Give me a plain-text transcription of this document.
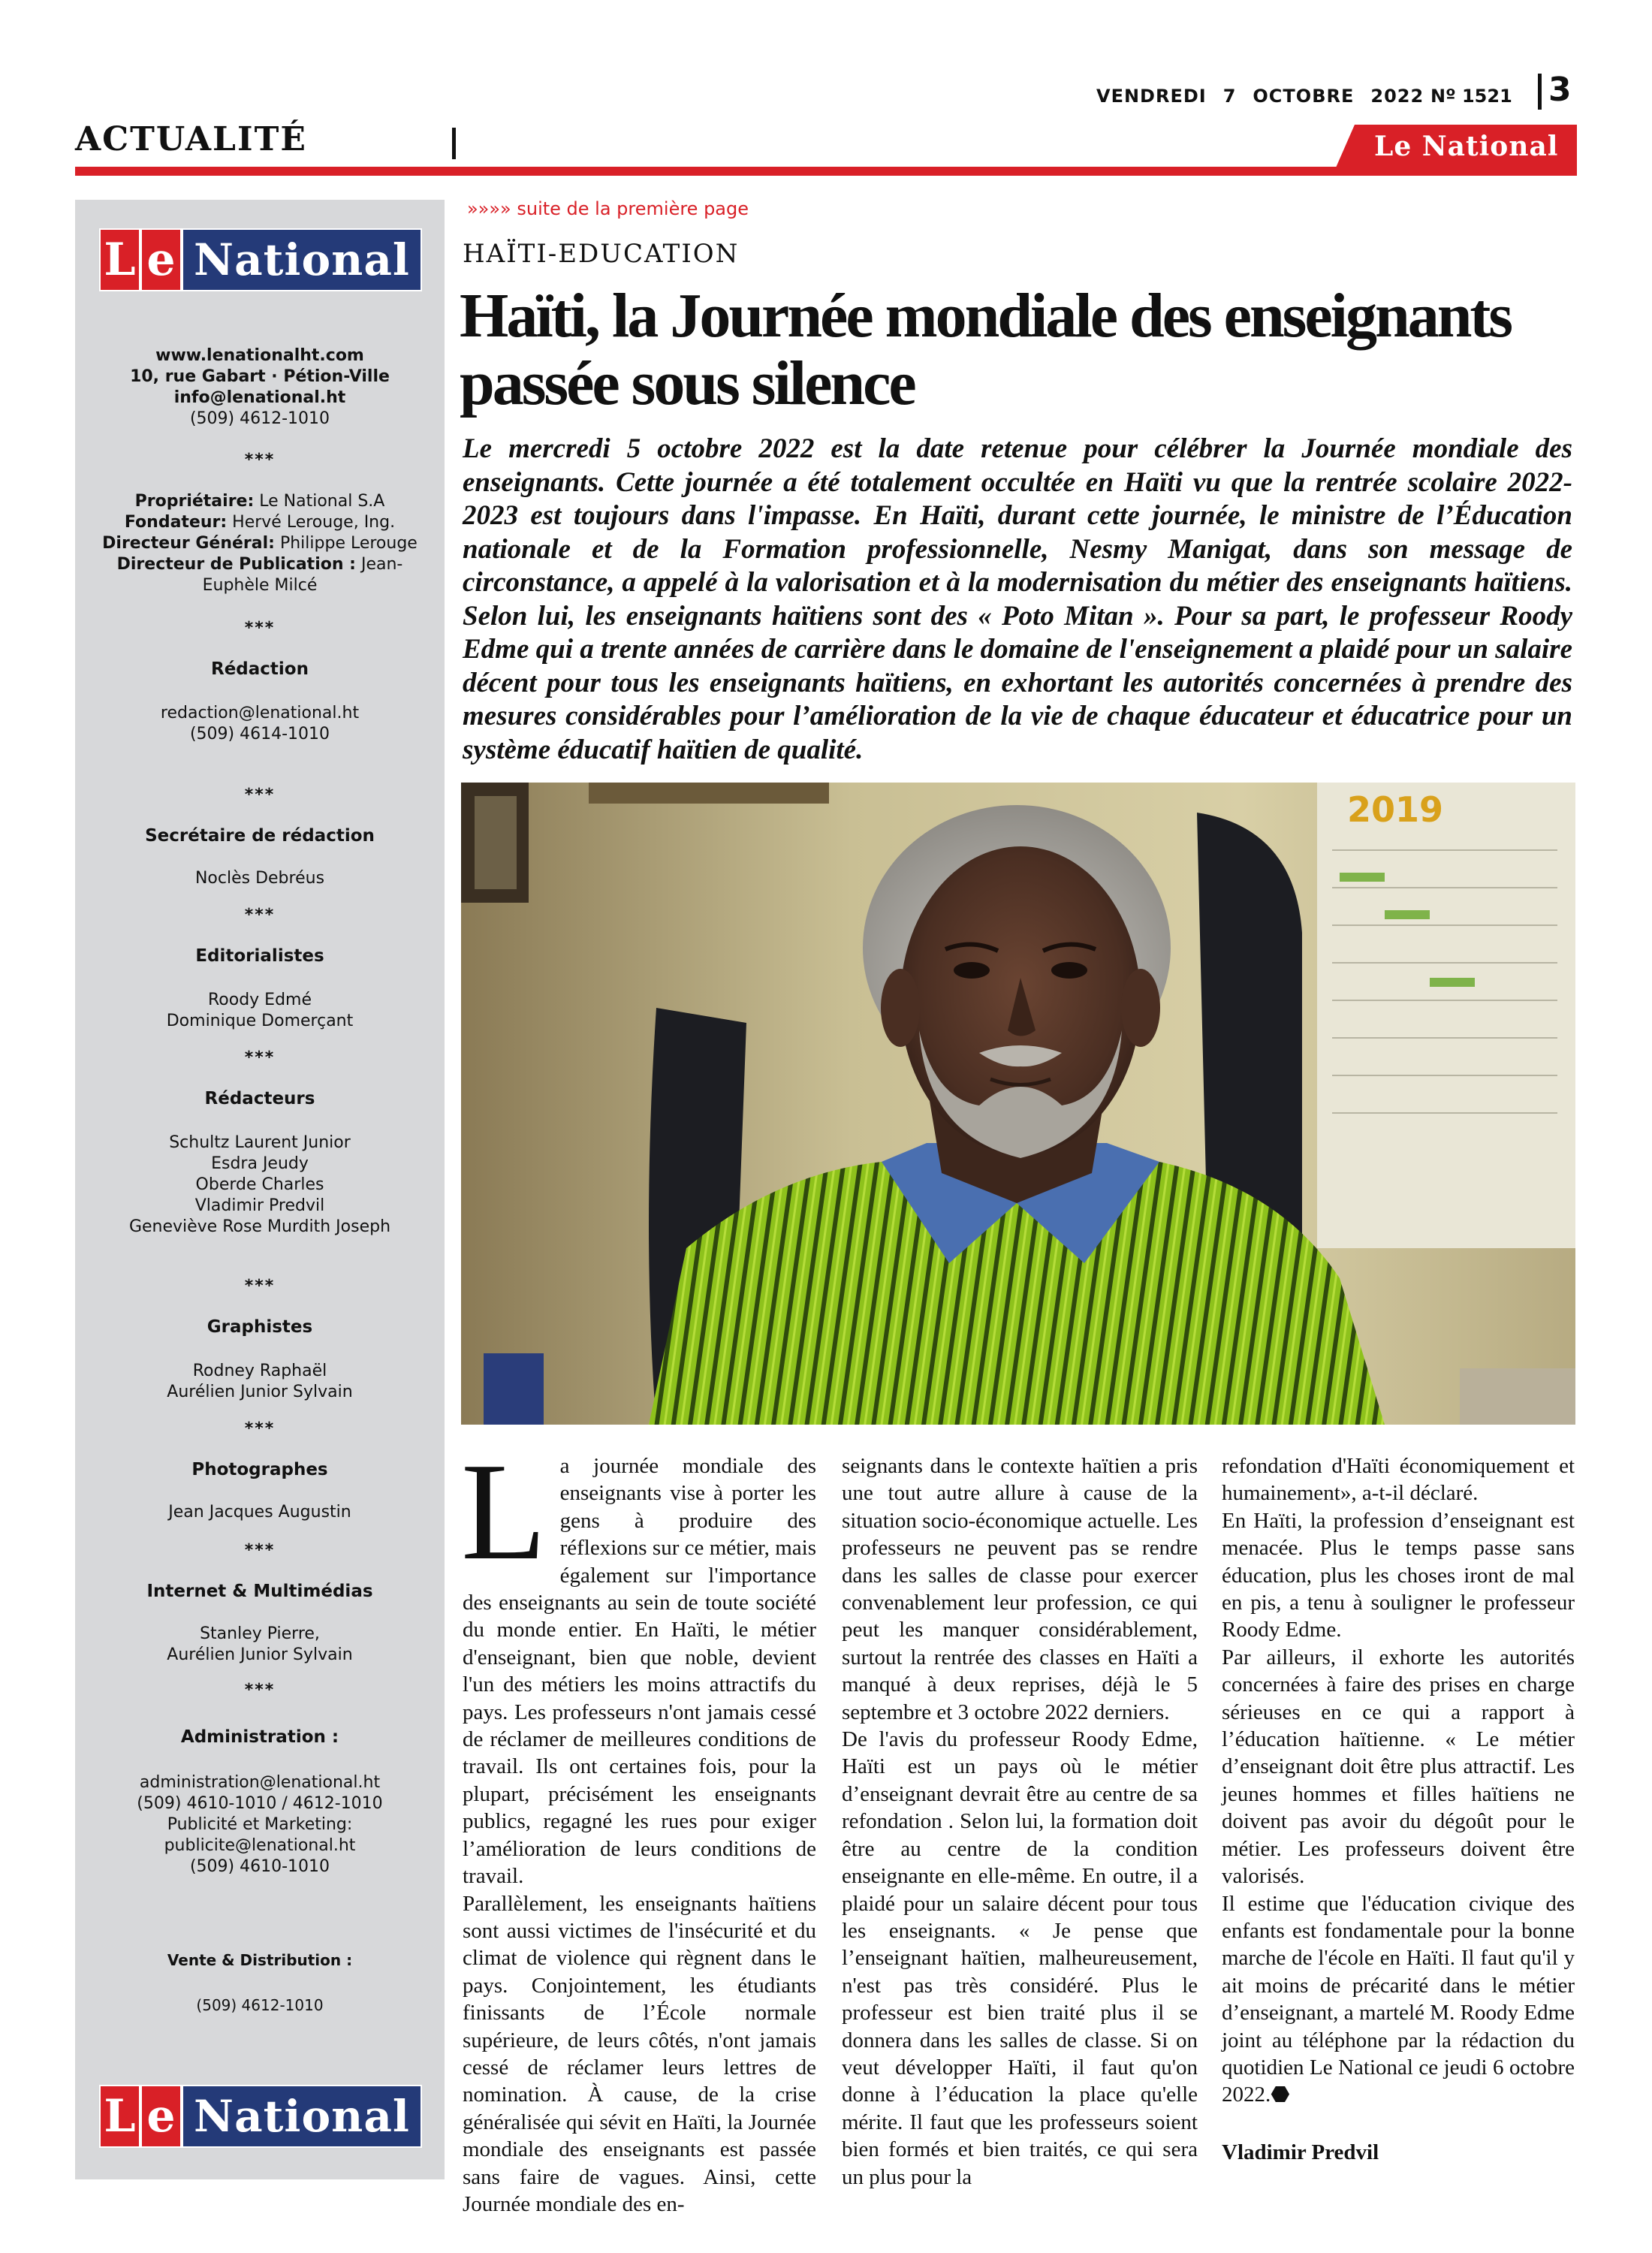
ACTUALITÉ
VENDREDI 7 OCTOBRE 2022 Nº 1521 3
Le National
L e National
www.lenationalht.com
10, rue Gabart · Pétion-Ville
info@lenational.ht
(509) 4612-1010
***
Propriétaire: Le National S.A
Fondateur: Hervé Lerouge, Ing.
Directeur Général: Philippe Lerouge
Directeur de Publication : Jean-Euphèle Milcé
***
Rédaction
redaction@lenational.ht
(509) 4614-1010
***
Secrétaire de rédaction
Noclès Debréus
***
Editorialistes
Roody Edmé
Dominique Domerçant
***
Rédacteurs
Schultz Laurent Junior
Esdra Jeudy
Oberde Charles
Vladimir Predvil
Geneviève Rose Murdith Joseph
***
Graphistes
Rodney Raphaël
Aurélien Junior Sylvain
***
Photographes
Jean Jacques Augustin
***
Internet & Multimédias
Stanley Pierre,
Aurélien Junior Sylvain
***
Administration :
administration@lenational.ht
(509) 4610-1010 / 4612-1010
Publicité et Marketing:
publicite@lenational.ht
(509) 4610-1010
Vente & Distribution :
(509) 4612-1010
L e National
»»»» suite de la première page
HAÏTI-EDUCATION
Haïti, la Journée mondiale des enseignants passée sous silence
Le mercredi 5 octobre 2022 est la date retenue pour célébrer la Journée mondiale des enseignants. Cette journée a été totalement occultée en Haïti vu que la rentrée scolaire 2022-2023 est toujours dans l'impasse. En Haïti, durant cette journée, le ministre de l’Éducation nationale et de la Formation professionnelle, Nesmy Manigat, dans son message de circonstance, a appelé à la valorisation et à la modernisation du métier des enseignants haïtiens. Selon lui, les enseignants haïtiens sont des « Poto Mitan ». Pour sa part, le professeur Roody Edme qui a trente années de carrière dans le domaine de l'enseignement a plaidé pour un salaire décent pour tous les enseignants haïtiens, en exhortant les autorités concernées à prendre des mesures considérables pour l’amélioration de la vie de chaque éducateur et éducatrice pour un système éducatif haïtien de qualité.
2019
L a journée mondiale des enseignants vise à porter les gens à produire des réflexions sur ce métier, mais également sur l'importance des enseignants au sein de toute société du monde entier. En Haïti, le métier d'enseignant, bien que noble, devient l'un des métiers les moins attractifs du pays. Les professeurs n'ont jamais cessé de réclamer de meilleures conditions de travail. Ils ont certaines fois, pour la plupart, précisément les enseignants publics, regagné les rues pour exiger l’amélioration de leurs conditions de travail.

Parallèlement, les enseignants haïtiens sont aussi victimes de l'insécurité et du climat de violence qui règnent dans le pays. Conjointement, les étudiants finissants de l’École normale supérieure, de leurs côtés, n'ont jamais cessé de réclamer leurs lettres de nomination. À cause, de la crise généralisée qui sévit en Haïti, la Journée mondiale des enseignants est passée sans faire de vagues. Ainsi, cette Journée mondiale des en-

seignants dans le contexte haïtien a pris une tout autre allure à cause de la situation socio-économique actuelle. Les professeurs ne peuvent pas se rendre dans les salles de classe pour exercer convenablement leur profession, ce qui peut les manquer considérablement, surtout la rentrée des classes en Haïti a manqué à deux reprises, déjà le 5 septembre et 3 octobre 2022 derniers.

De l'avis du professeur Roody Edme, Haïti est un pays où le métier d’enseignant devrait être au centre de sa refondation . Selon lui, la formation doit être au centre de la condition enseignante en elle-même. En outre, il a plaidé pour un salaire décent pour tous les enseignants. « Je pense que l’enseignant haïtien, malheureusement, n'est pas très considéré. Plus le professeur est bien traité plus il se donnera dans les salles de classe. Si on veut développer Haïti, il faut qu'on donne à l’éducation la place qu'elle mérite. Il faut que les professeurs soient bien formés et bien traités, ce qui sera un plus pour la

refondation d'Haïti économiquement et humainement», a-t-il déclaré.

En Haïti, la profession d’enseignant est menacée. Plus le temps passe sans éducation, plus les choses iront de mal en pis, a tenu à souligner le professeur Roody Edme.

Par ailleurs, il exhorte les autorités concernées à faire des prises en charge sérieuses en ce qui a rapport à l’éducation haïtienne. « Le métier d’enseignant doit être plus attractif. Les jeunes hommes et filles haïtiens ne doivent pas avoir du dégoût pour le métier. Les professeurs doivent être valorisés.

Il estime que l'éducation civique des enfants est fondamentale pour la bonne marche de l'école en Haïti. Il faut qu'il y ait moins de précarité dans le métier d’enseignant, a martelé M. Roody Edme joint au téléphone par la rédaction du quotidien Le National ce jeudi 6 octobre 2022.⬣

Vladimir Predvil
